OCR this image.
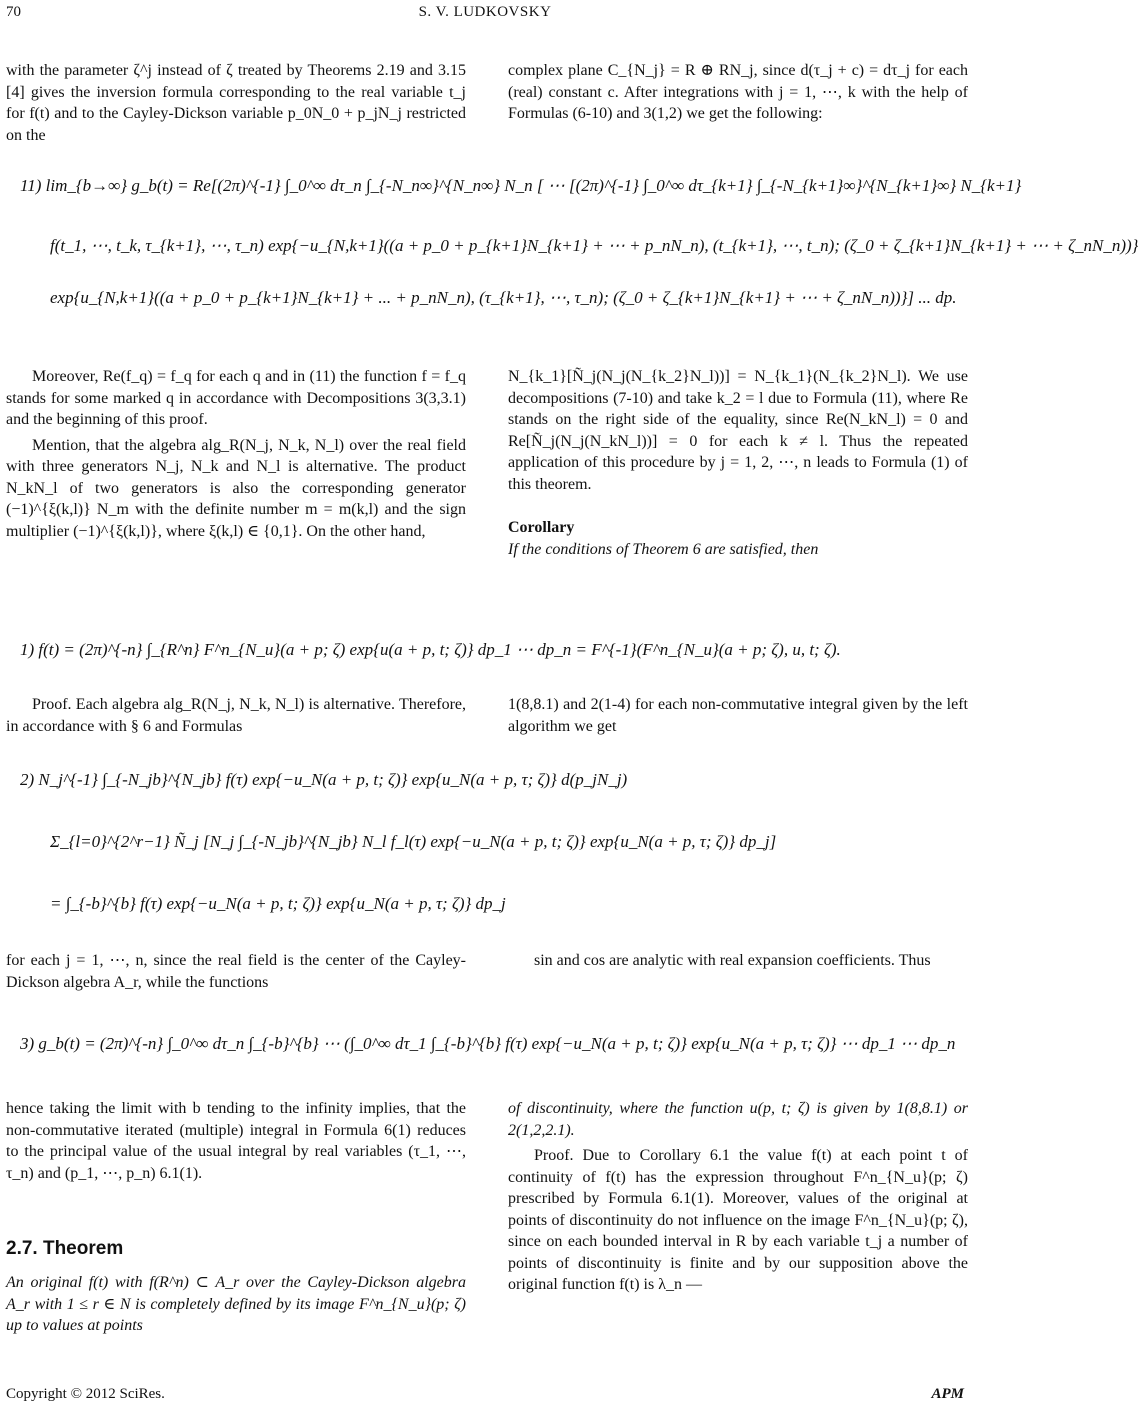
70	S. V. LUDKOVSKY

with the parameter ζ^j instead of ζ treated by Theorems 2.19 and 3.15 [4] gives the inversion formula corresponding to the real variable t_j for f(t) and to the Cayley-Dickson variable p_0N_0 + p_jN_j restricted on the

complex plane C_{N_j} = R ⊕ RN_j, since d(τ_j + c) = dτ_j for each (real) constant c. After integrations with j = 1, ⋯, k with the help of Formulas (6-10) and 3(1,2) we get the following:

11) lim_{b→∞} g_b(t) = Re[(2π)^{-1} ∫_0^∞ dτ_n ∫_{-N_n∞}^{N_n∞} N_n [ ⋯ [(2π)^{-1} ∫_0^∞ dτ_{k+1} ∫_{-N_{k+1}∞}^{N_{k+1}∞} N_{k+1}
f(t_1, ⋯, t_k, τ_{k+1}, ⋯, τ_n) exp{−u_{N,k+1}((a + p_0 + p_{k+1}N_{k+1} + ⋯ + p_nN_n), (t_{k+1}, ⋯, t_n); (ζ_0 + ζ_{k+1}N_{k+1} + ⋯ + ζ_nN_n))}
exp{u_{N,k+1}((a + p_0 + p_{k+1}N_{k+1} + ... + p_nN_n), (τ_{k+1}, ⋯, τ_n); (ζ_0 + ζ_{k+1}N_{k+1} + ⋯ + ζ_nN_n))}] ... dp.

Moreover, Re(f_q) = f_q for each q and in (11) the function f = f_q stands for some marked q in accordance with Decompositions 3(3,3.1) and the beginning of this proof.

Mention, that the algebra alg_R(N_j, N_k, N_l) over the real field with three generators N_j, N_k and N_l is alternative. The product N_kN_l of two generators is also the corresponding generator (−1)^{ξ(k,l)} N_m with the definite number m = m(k,l) and the sign multiplier (−1)^{ξ(k,l)}, where ξ(k,l) ∈ {0,1}. On the other hand,

N_{k_1}[Ñ_j(N_j(N_{k_2}N_l))] = N_{k_1}(N_{k_2}N_l). We use decompositions (7-10) and take k_2 = l due to Formula (11), where Re stands on the right side of the equality, since Re(N_kN_l) = 0 and Re[Ñ_j(N_j(N_kN_l))] = 0 for each k ≠ l. Thus the repeated application of this procedure by j = 1, 2, ⋯, n leads to Formula (1) of this theorem.

Corollary

If the conditions of Theorem 6 are satisfied, then

1) f(t) = (2π)^{-n} ∫_{R^n} F^n_{N_u}(a + p; ζ) exp{u(a + p, t; ζ)} dp_1 ⋯ dp_n = F^{-1}(F^n_{N_u}(a + p; ζ), u, t; ζ).

Proof. Each algebra alg_R(N_j, N_k, N_l) is alternative. Therefore, in accordance with § 6 and Formulas

1(8,8.1) and 2(1-4) for each non-commutative integral given by the left algorithm we get

2) N_j^{-1} ∫_{-N_jb}^{N_jb} f(τ) exp{−u_N(a + p, t; ζ)} exp{u_N(a + p, τ; ζ)} d(p_jN_j)
Σ_{l=0}^{2^r−1} Ñ_j [N_j ∫_{-N_jb}^{N_jb} N_l f_l(τ) exp{−u_N(a + p, t; ζ)} exp{u_N(a + p, τ; ζ)} dp_j]
= ∫_{-b}^{b} f(τ) exp{−u_N(a + p, t; ζ)} exp{u_N(a + p, τ; ζ)} dp_j

for each j = 1, ⋯, n, since the real field is the center of the Cayley-Dickson algebra A_r, while the functions

sin and cos are analytic with real expansion coefficients. Thus

3) g_b(t) = (2π)^{-n} ∫_0^∞ dτ_n ∫_{-b}^{b} ⋯ (∫_0^∞ dτ_1 ∫_{-b}^{b} f(τ) exp{−u_N(a + p, t; ζ)} exp{u_N(a + p, τ; ζ)} ⋯ dp_1 ⋯ dp_n

hence taking the limit with b tending to the infinity implies, that the non-commutative iterated (multiple) integral in Formula 6(1) reduces to the principal value of the usual integral by real variables (τ_1, ⋯, τ_n) and (p_1, ⋯, p_n) 6.1(1).

2.7. Theorem

An original f(t) with f(R^n) ⊂ A_r over the Cayley-Dickson algebra A_r with 1 ≤ r ∈ N is completely defined by its image F^n_{N_u}(p; ζ) up to values at points

of discontinuity, where the function u(p, t; ζ) is given by 1(8,8.1) or 2(1,2,2.1).

Proof. Due to Corollary 6.1 the value f(t) at each point t of continuity of f(t) has the expression throughout F^n_{N_u}(p; ζ) prescribed by Formula 6.1(1). Moreover, values of the original at points of discontinuity do not influence on the image F^n_{N_u}(p; ζ), since on each bounded interval in R by each variable t_j a number of points of discontinuity is finite and by our supposition above the original function f(t) is λ_n —

Copyright © 2012 SciRes.	APM
